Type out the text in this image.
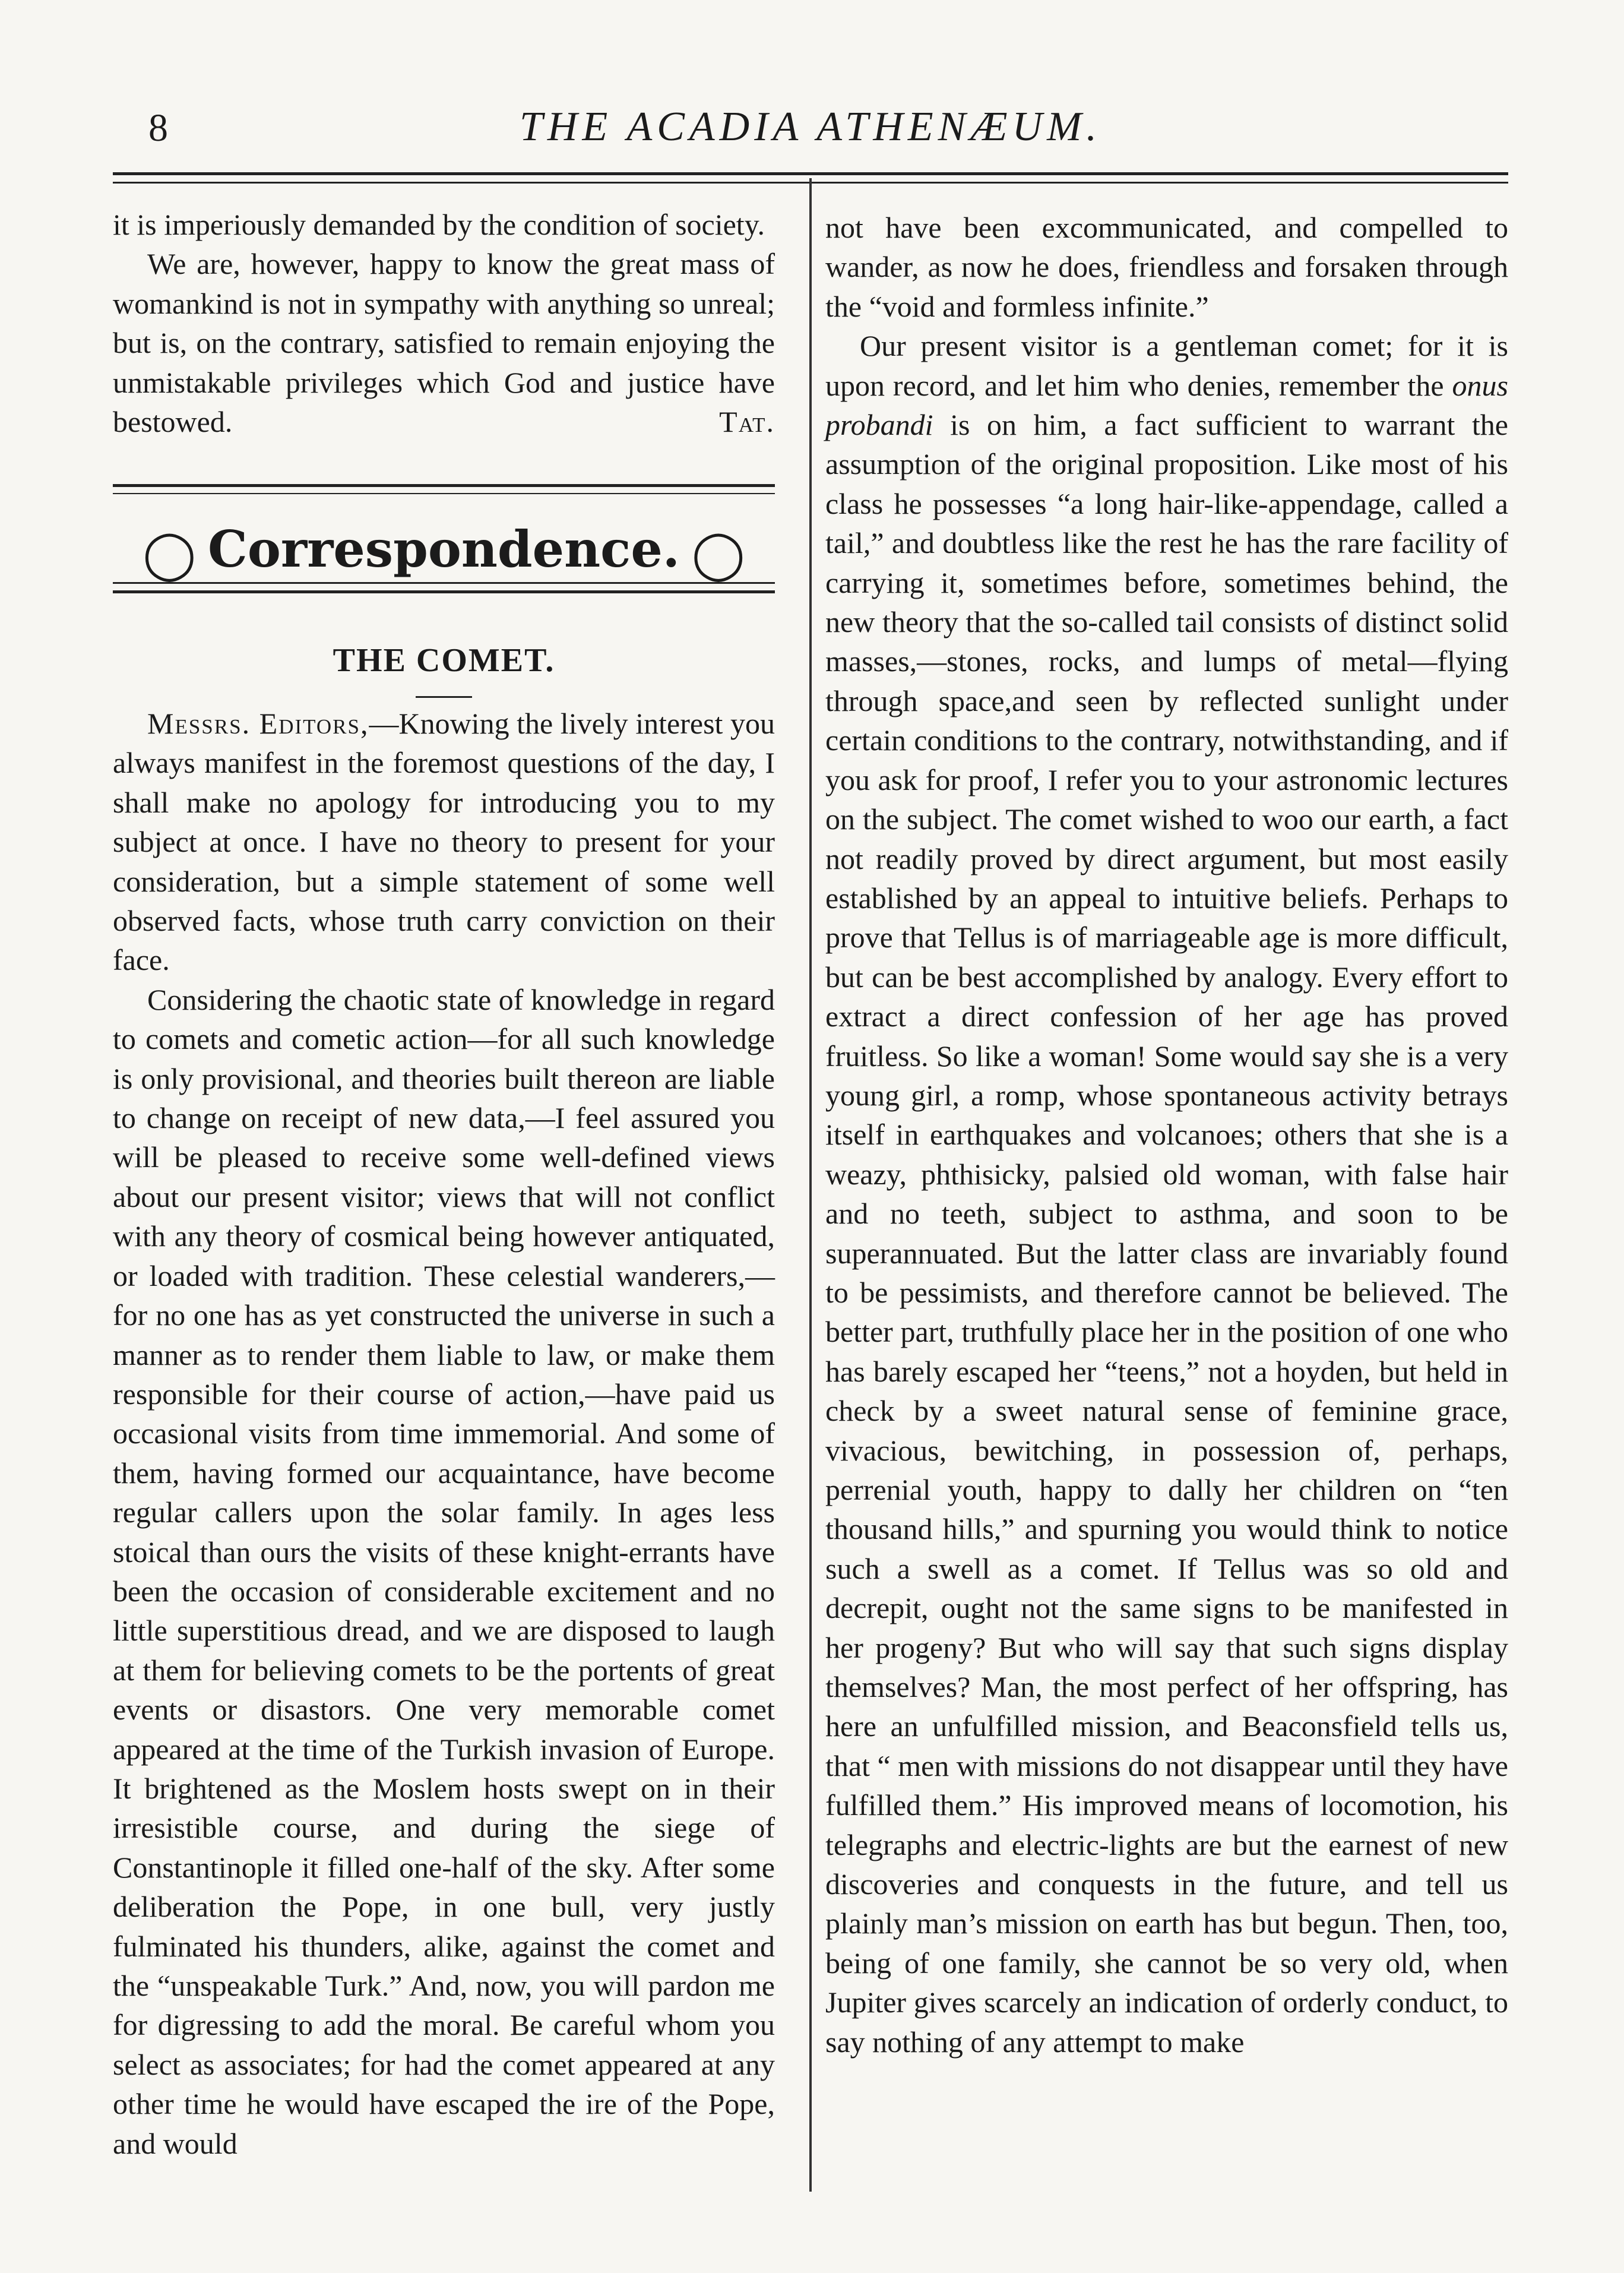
8	THE ACADIA ATHENÆUM.

it is imperiously demanded by the condition of society.

We are, however, happy to know the great mass of womankind is not in sympathy with anything so unreal; but is, on the contrary, satisfied to remain enjoying the unmistakable privileges which God and justice have bestowed.	Tat.

◯ Correspondence. ◯
THE COMET.

Messrs. Editors,—Knowing the lively interest you always manifest in the foremost questions of the day, I shall make no apology for introducing you to my subject at once. I have no theory to present for your consideration, but a simple statement of some well observed facts, whose truth carry conviction on their face.

Considering the chaotic state of knowledge in regard to comets and cometic action—for all such knowledge is only provisional, and theories built thereon are liable to change on receipt of new data,—I feel assured you will be pleased to receive some well-defined views about our present visitor; views that will not conflict with any theory of cosmical being however antiquated, or loaded with tradition. These celestial wanderers,—for no one has as yet constructed the universe in such a manner as to render them liable to law, or make them responsible for their course of action,—have paid us occasional visits from time immemorial. And some of them, having formed our acquaintance, have become regular callers upon the solar family. In ages less stoical than ours the visits of these knight-errants have been the occasion of considerable excitement and no little superstitious dread, and we are disposed to laugh at them for believing comets to be the portents of great events or disastors. One very memorable comet appeared at the time of the Turkish invasion of Europe. It brightened as the Moslem hosts swept on in their irresistible course, and during the siege of Constantinople it filled one-half of the sky. After some deliberation the Pope, in one bull, very justly fulminated his thunders, alike, against the comet and the “unspeakable Turk.” And, now, you will pardon me for digressing to add the moral. Be careful whom you select as associates; for had the comet appeared at any other time he would have escaped the ire of the Pope, and would

not have been excommunicated, and compelled to wander, as now he does, friendless and forsaken through the “void and formless infinite.”

Our present visitor is a gentleman comet; for it is upon record, and let him who denies, remember the onus probandi is on him, a fact sufficient to warrant the assumption of the original proposition. Like most of his class he possesses “a long hair-like-appendage, called a tail,” and doubtless like the rest he has the rare facility of carrying it, sometimes before, sometimes behind, the new theory that the so-called tail consists of distinct solid masses,—stones, rocks, and lumps of metal—flying through space,and seen by reflected sunlight under certain conditions to the contrary, notwithstanding, and if you ask for proof, I refer you to your astronomic lectures on the subject. The comet wished to woo our earth, a fact not readily proved by direct argument, but most easily established by an appeal to intuitive beliefs. Perhaps to prove that Tellus is of marriageable age is more difficult, but can be best accomplished by analogy. Every effort to extract a direct confession of her age has proved fruitless. So like a woman! Some would say she is a very young girl, a romp, whose spontaneous activity betrays itself in earthquakes and volcanoes; others that she is a weazy, phthisicky, palsied old woman, with false hair and no teeth, subject to asthma, and soon to be superannuated. But the latter class are invariably found to be pessimists, and therefore cannot be believed. The better part, truthfully place her in the position of one who has barely escaped her “teens,” not a hoyden, but held in check by a sweet natural sense of feminine grace, vivacious, bewitching, in possession of, perhaps, perrenial youth, happy to dally her children on “ten thousand hills,” and spurning you would think to notice such a swell as a comet. If Tellus was so old and decrepit, ought not the same signs to be manifested in her progeny? But who will say that such signs display themselves? Man, the most perfect of her offspring, has here an unfulfilled mission, and Beaconsfield tells us, that “ men with missions do not disappear until they have fulfilled them.” His improved means of locomotion, his telegraphs and electric-lights are but the earnest of new discoveries and conquests in the future, and tell us plainly man’s mission on earth has but begun. Then, too, being of one family, she cannot be so very old, when Jupiter gives scarcely an indication of orderly conduct, to say nothing of any attempt to make
